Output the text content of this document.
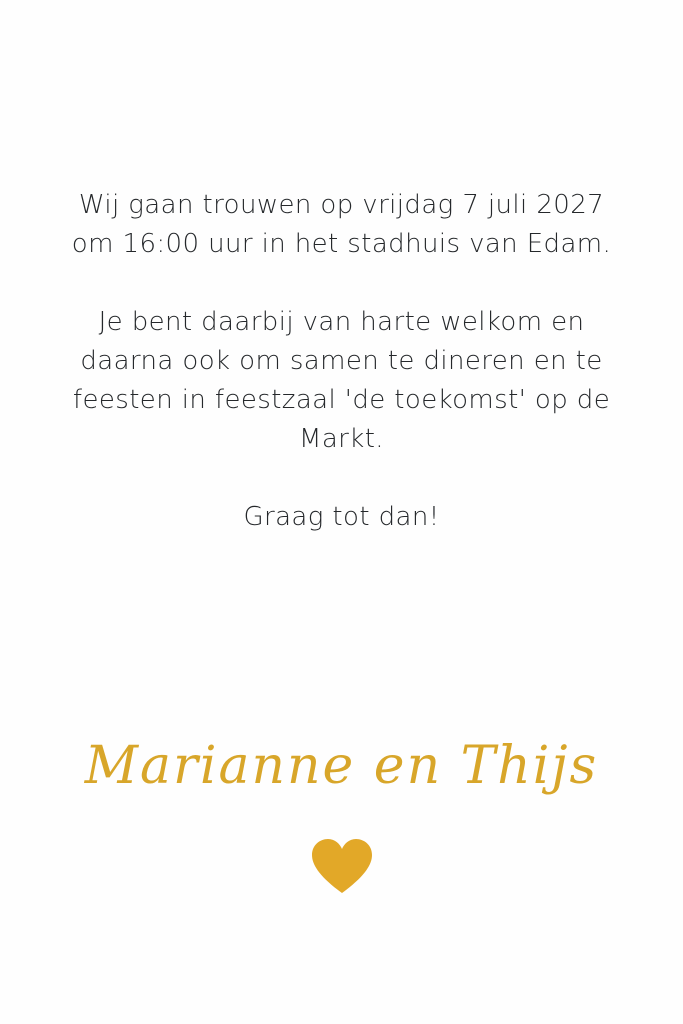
Wij gaan trouwen op vrijdag 7 juli 2027 om 16:00 uur in het stadhuis van Edam.

Je bent daarbij van harte welkom en daarna ook om samen te dineren en te feesten in feestzaal 'de toekomst' op de Markt.

Graag tot dan!

Marianne en Thijs
